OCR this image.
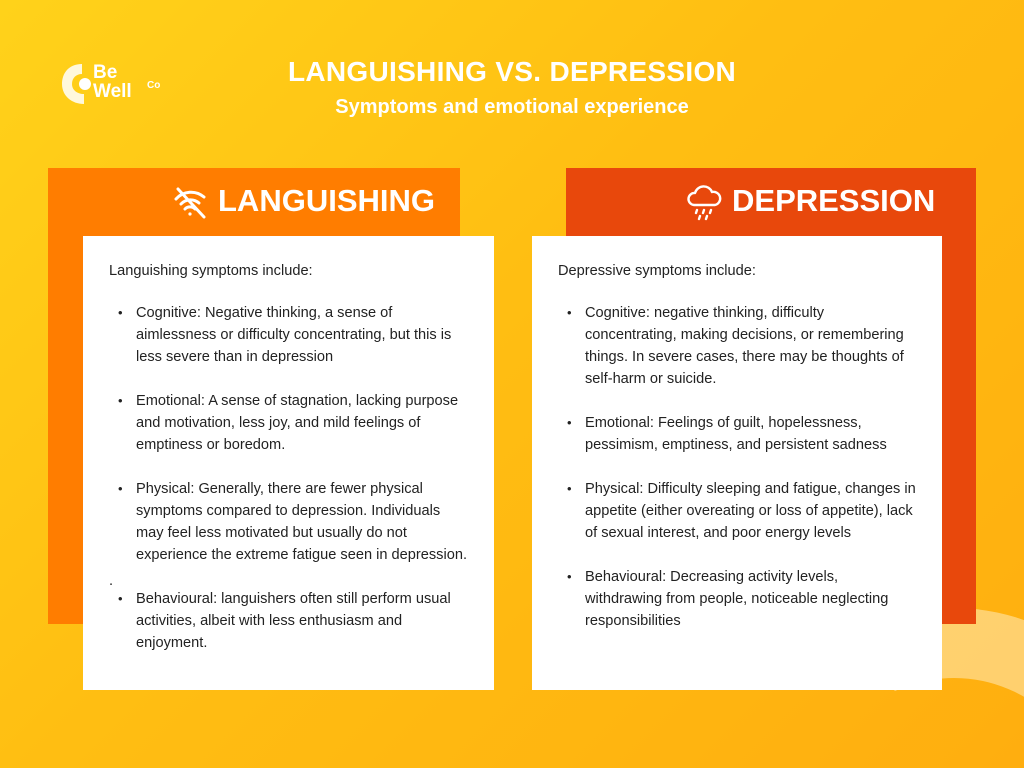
Be
Well Co	LANGUISHING VS. DEPRESSION
Symptoms and emotional experience
LANGUISHING	DEPRESSION

Languishing symptoms include:

• Cognitive: Negative thinking, a sense of aimlessness or difficulty concentrating, but this is less severe than in depression
• Emotional: A sense of stagnation, lacking purpose and motivation, less joy, and mild feelings of emptiness or boredom.
• Physical: Generally, there are fewer physical symptoms compared to depression. Individuals may feel less motivated but usually do not experience the extreme fatigue seen in depression.
.
• Behavioural: languishers often still perform usual activities, albeit with less enthusiasm and enjoyment.

Depressive symptoms include:

• Cognitive: negative thinking, difficulty concentrating, making decisions, or remembering things. In severe cases, there may be thoughts of self-harm or suicide.
• Emotional: Feelings of guilt, hopelessness, pessimism, emptiness, and persistent sadness
• Physical: Difficulty sleeping and fatigue, changes in appetite (either overeating or loss of appetite), lack of sexual interest, and poor energy levels
• Behavioural: Decreasing activity levels, withdrawing from people, noticeable neglecting responsibilities
